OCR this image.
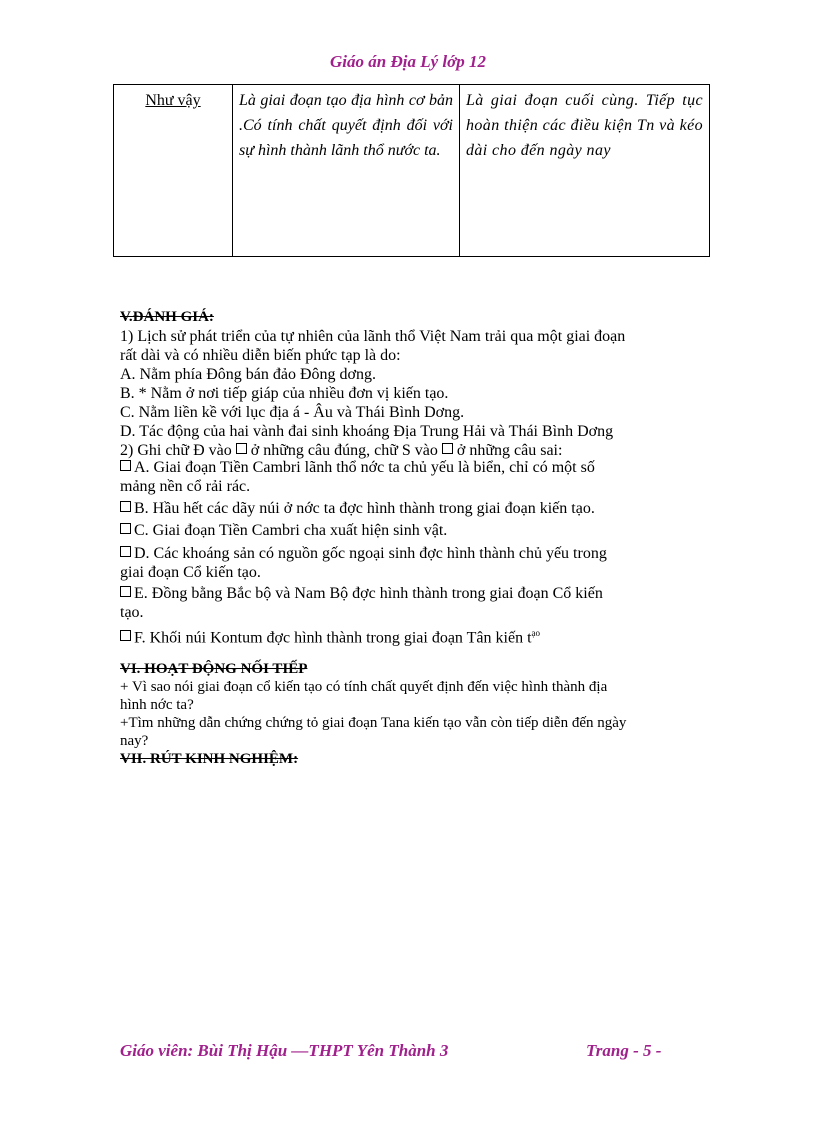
Giáo án Địa Lý lớp 12
Như vậy	Là giai đoạn tạo địa hình cơ bản .Có tính chất quyết định đối với sự hình thành lãnh thổ nước ta.	Là giai đoạn cuối cùng. Tiếp tục hoàn thiện các điều kiện Tn và kéo dài cho đến ngày nay

V.ĐÁNH GIÁ:

1) Lịch sử phát triển của tự nhiên của lãnh thổ Việt Nam trải qua một giai đoạn

rất dài và có nhiều diễn biến phức tạp là do:

A. Nằm phía Đông bán đảo Đông dơng.

B. * Nằm ở nơi tiếp giáp của nhiều đơn vị kiến tạo.

C. Nằm liền kề với lục địa á - Âu và Thái Bình Dơng.

D. Tác động của hai vành đai sinh khoáng Địa Trung Hải và Thái Bình Dơng

2) Ghi chữ Đ vào  ở những câu đúng, chữ S vào  ở những câu sai:

A. Giai đoạn Tiền Cambri lãnh thổ nớc ta chủ yếu là biển, chỉ có một số

mảng nền cổ rải rác.

B. Hầu hết các dãy núi ở nớc ta đợc hình thành trong giai đoạn kiến tạo.

C. Giai đoạn Tiền Cambri cha xuất hiện sinh vật.

D. Các khoáng sản có nguồn gốc ngoại sinh đợc hình thành chủ yếu trong

giai đoạn Cổ kiến tạo.

E. Đồng bằng Bắc bộ và Nam Bộ đợc hình thành trong giai đoạn Cổ kiến

tạo.

F. Khối núi Kontum đợc hình thành trong giai đoạn Tân kiến $t^{ạo}$

VI. HOẠT ĐỘNG NỐI TIẾP

+ Vì sao nói giai đoạn cổ kiến tạo có tính chất quyết định đến việc hình thành địa

hình nớc ta?

+Tìm những dẫn chứng chứng tỏ giai đoạn Tana kiến tạo vẫn còn tiếp diễn đến ngày

nay?

VII. RÚT KINH NGHIỆM:

Giáo viên: Bùi Thị Hậu —THPT Yên Thành 3	Trang - 5 -
